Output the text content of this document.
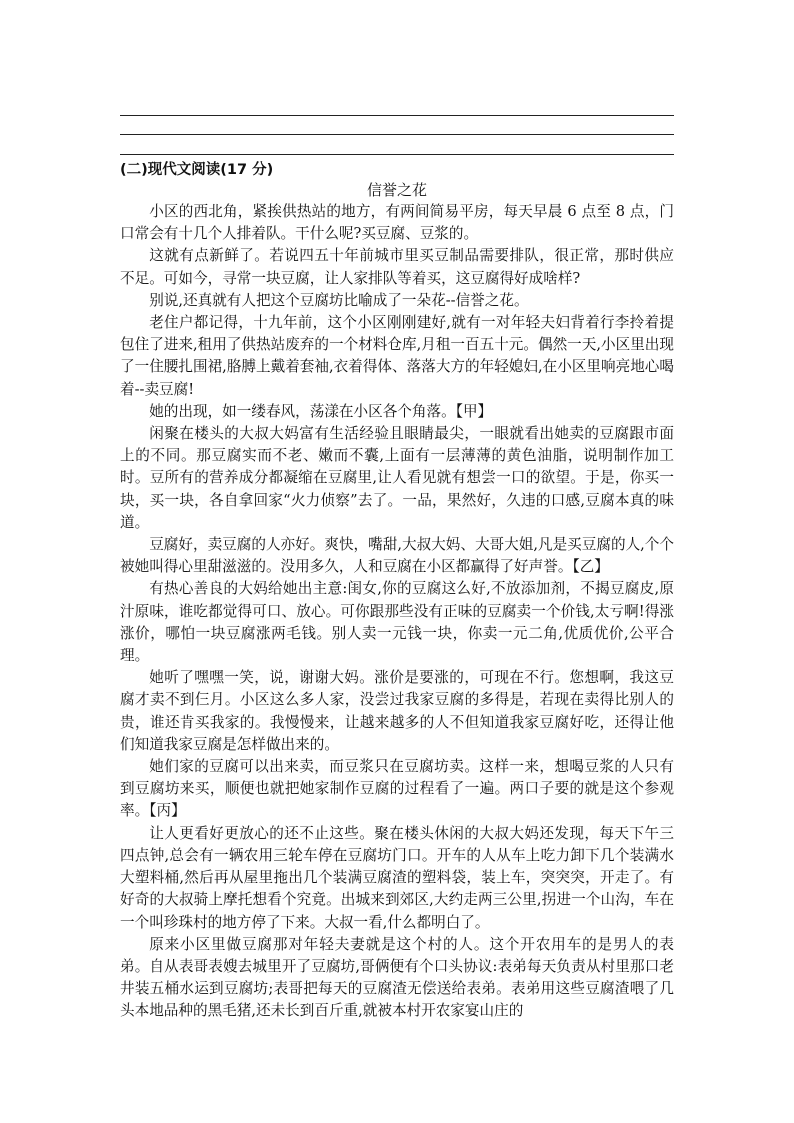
(二)现代文阅读(17 分)
信誉之花

小区的西北角，紧挨供热站的地方，有两间简易平房，每天早晨 6 点至 8 点，门口常会有十几个人排着队。干什么呢?买豆腐、豆浆的。

这就有点新鲜了。若说四五十年前城市里买豆制品需要排队，很正常，那时供应不足。可如今，寻常一块豆腐，让人家排队等着买，这豆腐得好成啥样?

别说,还真就有人把这个豆腐坊比喻成了一朵花--信誉之花。

老住户都记得，十九年前，这个小区刚刚建好,就有一对年轻夫妇背着行李拎着提包住了进来,租用了供热站废弃的一个材料仓库,月租一百五十元。偶然一天,小区里出现了一住腰扎围裙,胳膊上戴着套袖,衣着得体、落落大方的年轻媳妇,在小区里响亮地心喝着--卖豆腐!

她的出现，如一缕春风，荡漾在小区各个角落。【甲】

闲聚在楼头的大叔大妈富有生活经验且眼睛最尖，一眼就看出她卖的豆腐跟市面上的不同。那豆腐实而不老、嫩而不囊,上面有一层薄薄的黄色油脂，说明制作加工时。豆所有的营养成分都凝缩在豆腐里,让人看见就有想尝一口的欲望。于是，你买一块，买一块，各自拿回家“火力侦察”去了。一品，果然好，久违的口感,豆腐本真的味道。

豆腐好，卖豆腐的人亦好。爽快，嘴甜,大叔大妈、大哥大姐,凡是买豆腐的人,个个被她叫得心里甜滋滋的。没用多久，人和豆腐在小区都赢得了好声誉。【乙】

有热心善良的大妈给她出主意:闺女,你的豆腐这么好,不放添加剂，不揭豆腐皮,原汁原味，谁吃都觉得可口、放心。可你跟那些没有正味的豆腐卖一个价钱,太亏啊!得涨涨价，哪怕一块豆腐涨两毛钱。别人卖一元钱一块，你卖一元二角,优质优价,公平合理。

她听了嘿嘿一笑，说，谢谢大妈。涨价是要涨的，可现在不行。您想啊，我这豆腐才卖不到仨月。小区这么多人家，没尝过我家豆腐的多得是，若现在卖得比别人的贵，谁还肯买我家的。我慢慢来，让越来越多的人不但知道我家豆腐好吃，还得让他们知道我家豆腐是怎样做出来的。

她们家的豆腐可以出来卖，而豆浆只在豆腐坊卖。这样一来，想喝豆浆的人只有到豆腐坊来买，顺便也就把她家制作豆腐的过程看了一遍。两口子要的就是这个参观率。【丙】

让人更看好更放心的还不止这些。聚在楼头休闲的大叔大妈还发现，每天下午三四点钟,总会有一辆农用三轮车停在豆腐坊门口。开车的人从车上吃力卸下几个装满水大塑料桶,然后再从屋里拖出几个装满豆腐渣的塑料袋，装上车，突突突，开走了。有好奇的大叔骑上摩托想看个究竟。出城来到郊区,大约走两三公里,拐进一个山沟，车在一个叫珍珠村的地方停了下来。大叔一看,什么都明白了。

原来小区里做豆腐那对年轻夫妻就是这个村的人。这个开农用车的是男人的表弟。自从表哥表嫂去城里开了豆腐坊,哥俩便有个口头协议:表弟每天负责从村里那口老井装五桶水运到豆腐坊;表哥把每天的豆腐渣无偿送给表弟。表弟用这些豆腐渣喂了几头本地品种的黑毛猪,还未长到百斤重,就被本村开农家宴山庄的
